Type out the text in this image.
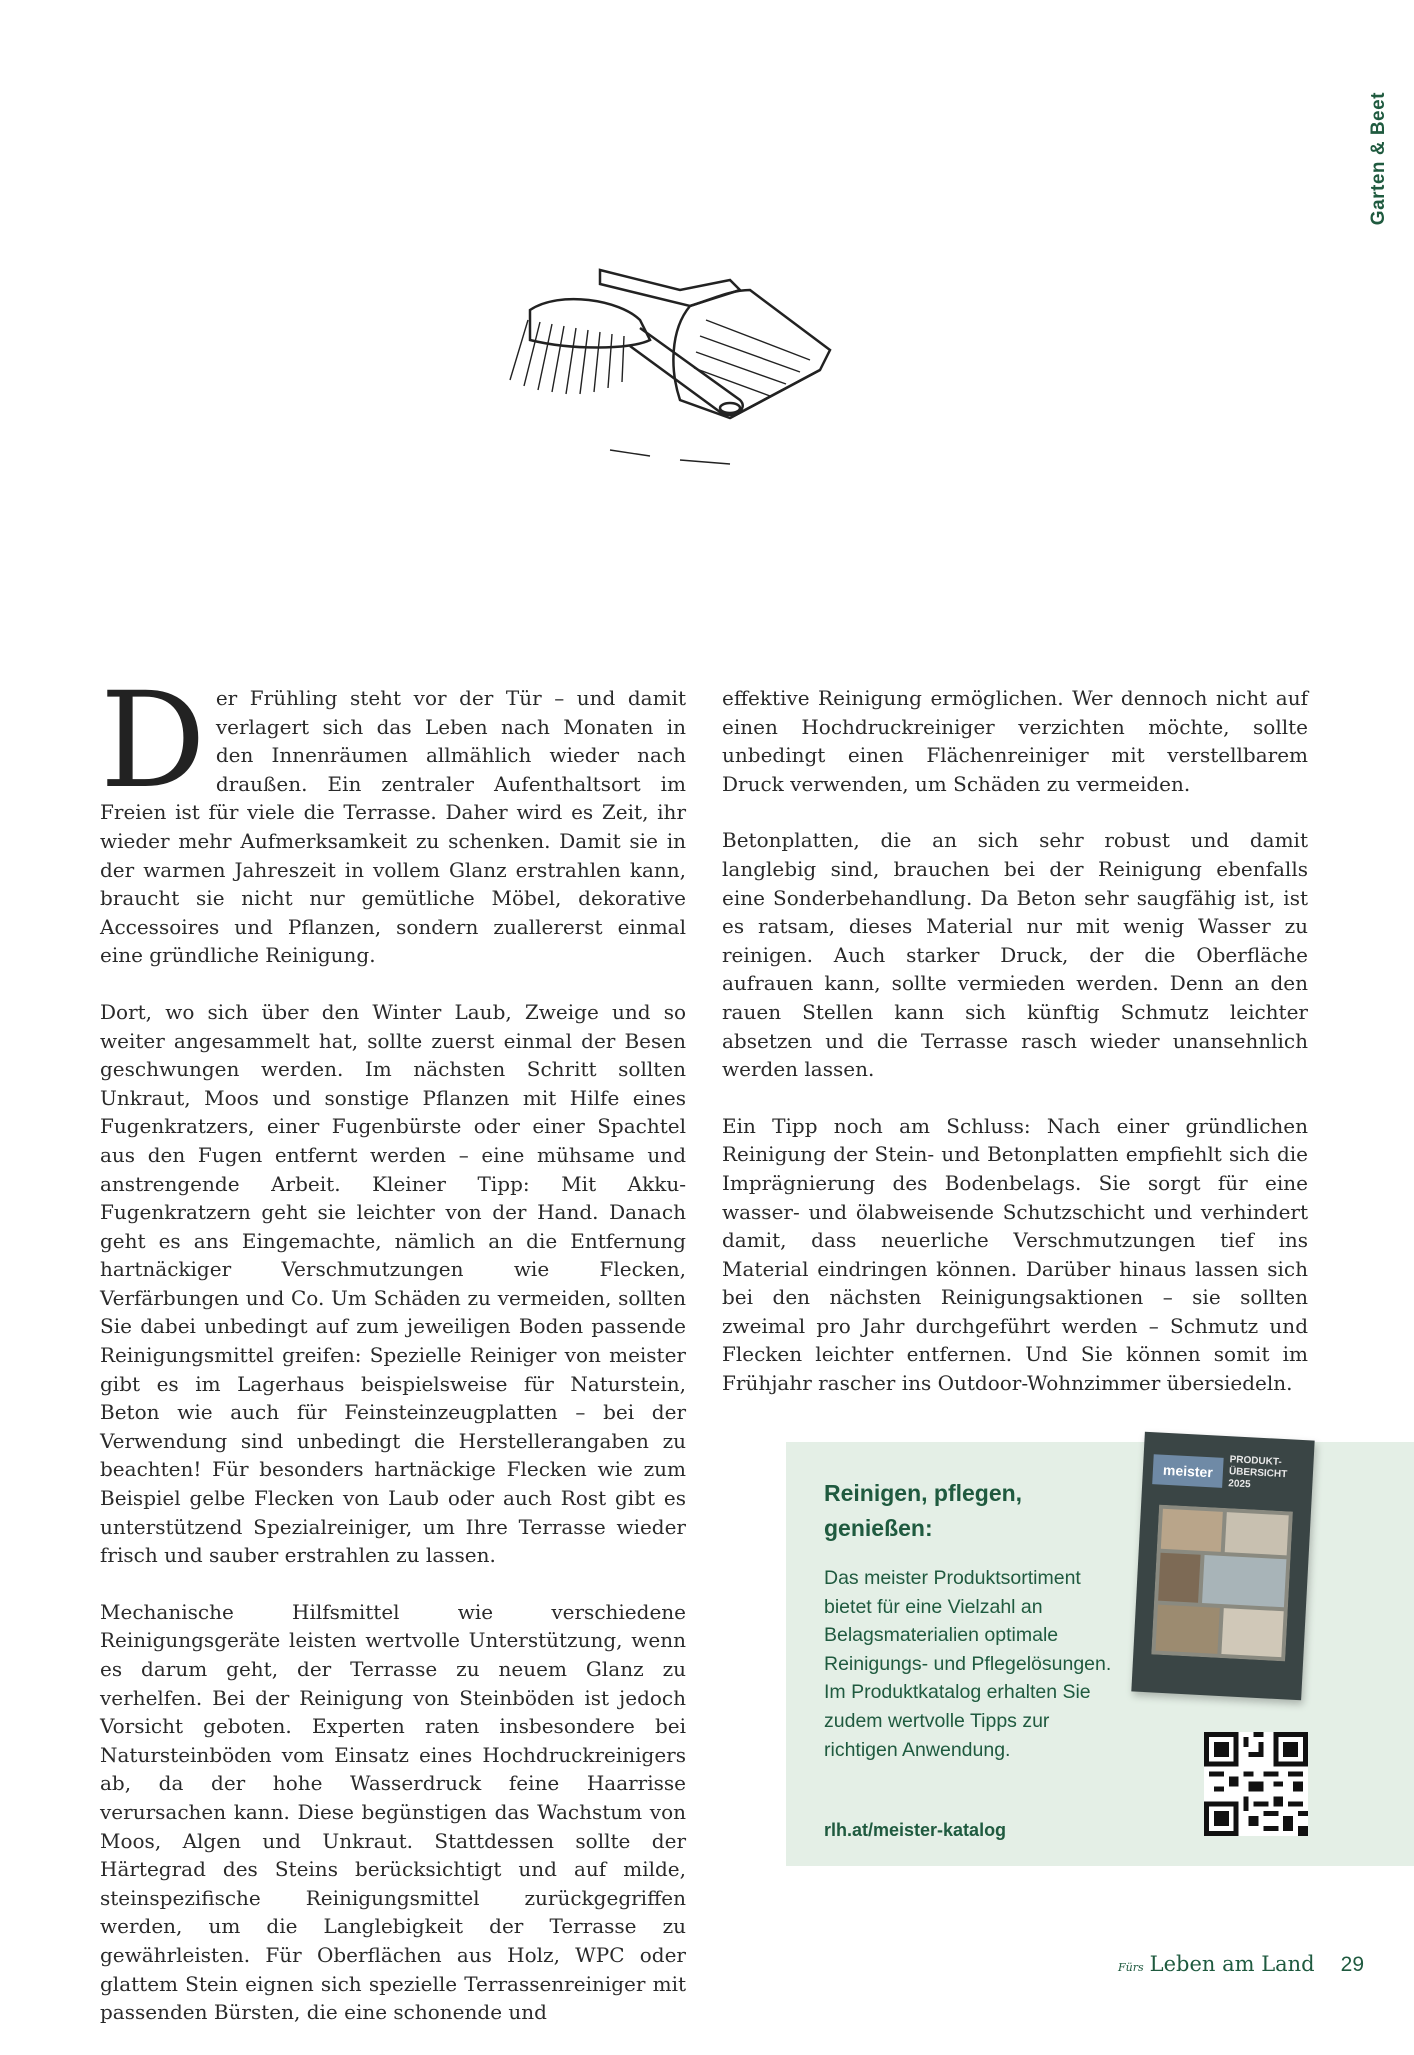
Garten & Beet

Der Frühling steht vor der Tür – und damit verlagert sich das Leben nach Monaten in den Innenräumen allmählich wieder nach draußen. Ein zentraler Aufenthaltsort im Freien ist für viele die Terrasse. Daher wird es Zeit, ihr wieder mehr Aufmerksamkeit zu schenken. Damit sie in der warmen Jahreszeit in vollem Glanz erstrahlen kann, braucht sie nicht nur gemütliche Möbel, dekorative Accessoires und Pflanzen, sondern zuallererst einmal eine gründliche Reinigung.

Dort, wo sich über den Winter Laub, Zweige und so weiter angesammelt hat, sollte zuerst einmal der Besen geschwungen werden. Im nächsten Schritt sollten Unkraut, Moos und sonstige Pflanzen mit Hilfe eines Fugenkratzers, einer Fugenbürste oder einer Spachtel aus den Fugen entfernt werden – eine mühsame und anstrengende Arbeit. Kleiner Tipp: Mit Akku-Fugenkratzern geht sie leichter von der Hand. Danach geht es ans Eingemachte, nämlich an die Entfernung hartnäckiger Verschmutzungen wie Flecken, Verfärbungen und Co. Um Schäden zu vermeiden, sollten Sie dabei unbedingt auf zum jeweiligen Boden passende Reinigungsmittel greifen: Spezielle Reiniger von meister gibt es im Lagerhaus beispielsweise für Naturstein, Beton wie auch für Feinsteinzeugplatten – bei der Verwendung sind unbedingt die Herstellerangaben zu beachten! Für besonders hartnäckige Flecken wie zum Beispiel gelbe Flecken von Laub oder auch Rost gibt es unterstützend Spezialreiniger, um Ihre Terrasse wieder frisch und sauber erstrahlen zu lassen.

Mechanische Hilfsmittel wie verschiedene Reinigungsgeräte leisten wertvolle Unterstützung, wenn es darum geht, der Terrasse zu neuem Glanz zu verhelfen. Bei der Reinigung von Steinböden ist jedoch Vorsicht geboten. Experten raten insbesondere bei Natursteinböden vom Einsatz eines Hochdruckreinigers ab, da der hohe Wasserdruck feine Haarrisse verursachen kann. Diese begünstigen das Wachstum von Moos, Algen und Unkraut. Stattdessen sollte der Härtegrad des Steins berücksichtigt und auf milde, steinspezifische Reinigungsmittel zurückgegriffen werden, um die Langlebigkeit der Terrasse zu gewährleisten. Für Oberflächen aus Holz, WPC oder glattem Stein eignen sich spezielle Terrassenreiniger mit passenden Bürsten, die eine schonende und

effektive Reinigung ermöglichen. Wer dennoch nicht auf einen Hochdruckreiniger verzichten möchte, sollte unbedingt einen Flächenreiniger mit verstellbarem Druck verwenden, um Schäden zu vermeiden.

Betonplatten, die an sich sehr robust und damit langlebig sind, brauchen bei der Reinigung ebenfalls eine Sonderbehandlung. Da Beton sehr saugfähig ist, ist es ratsam, dieses Material nur mit wenig Wasser zu reinigen. Auch starker Druck, der die Oberfläche aufrauen kann, sollte vermieden werden. Denn an den rauen Stellen kann sich künftig Schmutz leichter absetzen und die Terrasse rasch wieder unansehnlich werden lassen.

Ein Tipp noch am Schluss: Nach einer gründlichen Reinigung der Stein- und Betonplatten empfiehlt sich die Imprägnierung des Bodenbelags. Sie sorgt für eine wasser- und ölabweisende Schutzschicht und verhindert damit, dass neuerliche Verschmutzungen tief ins Material eindringen können. Darüber hinaus lassen sich bei den nächsten Reinigungsaktionen – sie sollten zweimal pro Jahr durchgeführt werden – Schmutz und Flecken leichter entfernen. Und Sie können somit im Frühjahr rascher ins Outdoor-Wohnzimmer übersiedeln.

Reinigen, pflegen, genießen:
Das meister Produktsortiment bietet für eine Vielzahl an Belagsmaterialien optimale Reinigungs- und Pflegelösungen. Im Produktkatalog erhalten Sie zudem wertvolle Tipps zur richtigen Anwendung.
rlh.at/meister-katalog
meister
PRODUKT-ÜBERSICHT 2025
Fürs Leben am Land 29
